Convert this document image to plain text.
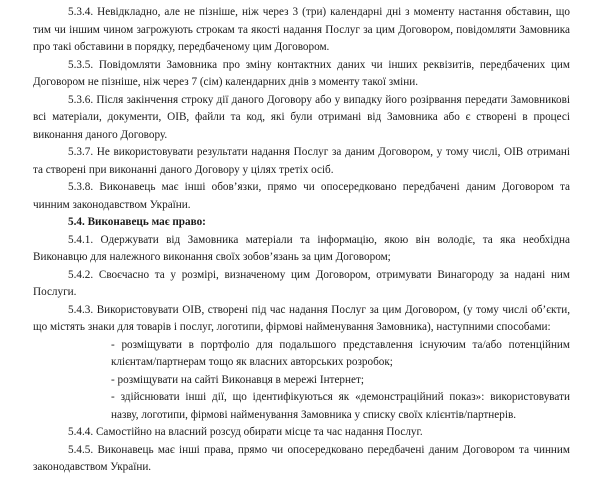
5.3.4. Невідкладно, але не пізніше, ніж через 3 (три) календарні дні з моменту настання обставин, що тим чи іншим чином загрожують строкам та якості надання Послуг за цим Договором, повідомляти Замовника про такі обставини в порядку, передбаченому цим Договором.

5.3.5. Повідомляти Замовника про зміну контактних даних чи інших реквізитів, передбачених цим Договором не пізніше, ніж через 7 (сім) календарних днів з моменту такої зміни.

5.3.6. Після закінчення строку дії даного Договору або у випадку його розірвання передати Замовникові всі матеріали, документи, ОІВ, файли та код, які були отримані від Замовника або є створені в процесі виконання даного Договору.

5.3.7. Не використовувати результати надання Послуг за даним Договором, у тому числі, ОІВ отримані та створені при виконанні даного Договору у цілях третіх осіб.

5.3.8. Виконавець має інші обов’язки, прямо чи опосередковано передбачені даним Договором та чинним законодавством України.

5.4. Виконавець має право:

5.4.1. Одержувати від Замовника матеріали та інформацію, якою він володіє, та яка необхідна Виконавцю для належного виконання своїх зобов’язань за цим Договором;

5.4.2. Своєчасно та у розмірі, визначеному цим Договором, отримувати Винагороду за надані ним Послуги.

5.4.3. Використовувати ОІВ, створені під час надання Послуг за цим Договором, (у тому числі об’єкти, що містять знаки для товарів і послуг, логотипи, фірмові найменування Замовника), наступними способами:

- розміщувати в портфоліо для подальшого представлення існуючим та/або потенційним клієнтам/партнерам тощо як власних авторських розробок;
- розміщувати на сайті Виконавця в мережі Інтернет;
- здійснювати інші дії, що ідентифікуються як «демонстраційний показ»: використовувати назву, логотипи, фірмові найменування Замовника у списку своїх клієнтів/партнерів.

5.4.4. Самостійно на власний розсуд обирати місце та час надання Послуг.

5.4.5. Виконавець має інші права, прямо чи опосередковано передбачені даним Договором та чинним законодавством України.
